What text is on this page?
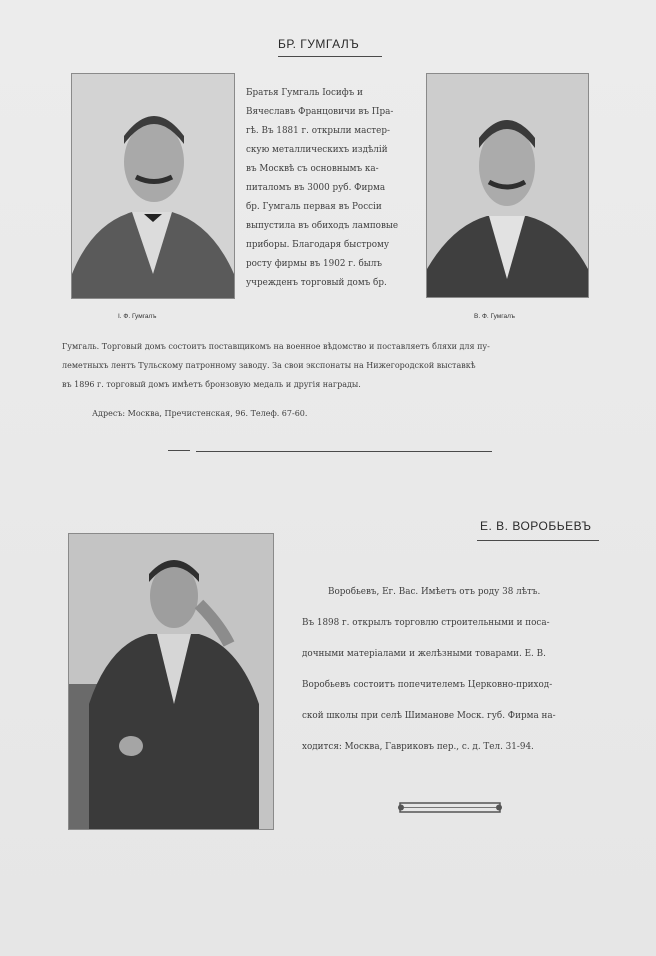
БР. ГУМГАЛЪ
І. Ф. Гумгалъ	В. Ф. Гумгалъ
Братья Гумгаль Іосифъ и
Вячеславъ Францовичи въ Пра-
гѣ. Въ 1881 г. открыли мастер-
скую металлическихъ издѣлій
въ Москвѣ съ основнымъ ка-
питаломъ въ 3000 руб. Фирма
бр. Гумгаль первая въ Россіи
выпустила въ обиходъ ламповые
приборы. Благодаря быстрому
росту фирмы въ 1902 г. былъ
учрежденъ торговый домъ бр.
Гумгаль. Торговый домъ состоитъ поставщикомъ на военное вѣдомство и поставляетъ бляхи для пу-
леметныхъ лентъ Тульскому патронному заводу. За свои экспонаты на Нижегородской выставкѣ
въ 1896 г. торговый домъ имѣетъ бронзовую медаль и другія награды.
Адресъ: Москва, Пречистенская, 96. Телеф. 67-60.
Е. В. ВОРОБЬЕВЪ
Воробьевъ, Ег. Вас. Имѣетъ отъ роду 38 лѣтъ.
Въ 1898 г. открылъ торговлю строительными и поса-
дочными матеріалами и желѣзными товарами. Е. В.
Воробьевъ состоитъ попечителемъ Церковно-приход-
ской школы при селѣ Шиманове Моск. губ. Фирма на-
ходится: Москва, Гавриковъ пер., с. д. Тел. 31-94.
